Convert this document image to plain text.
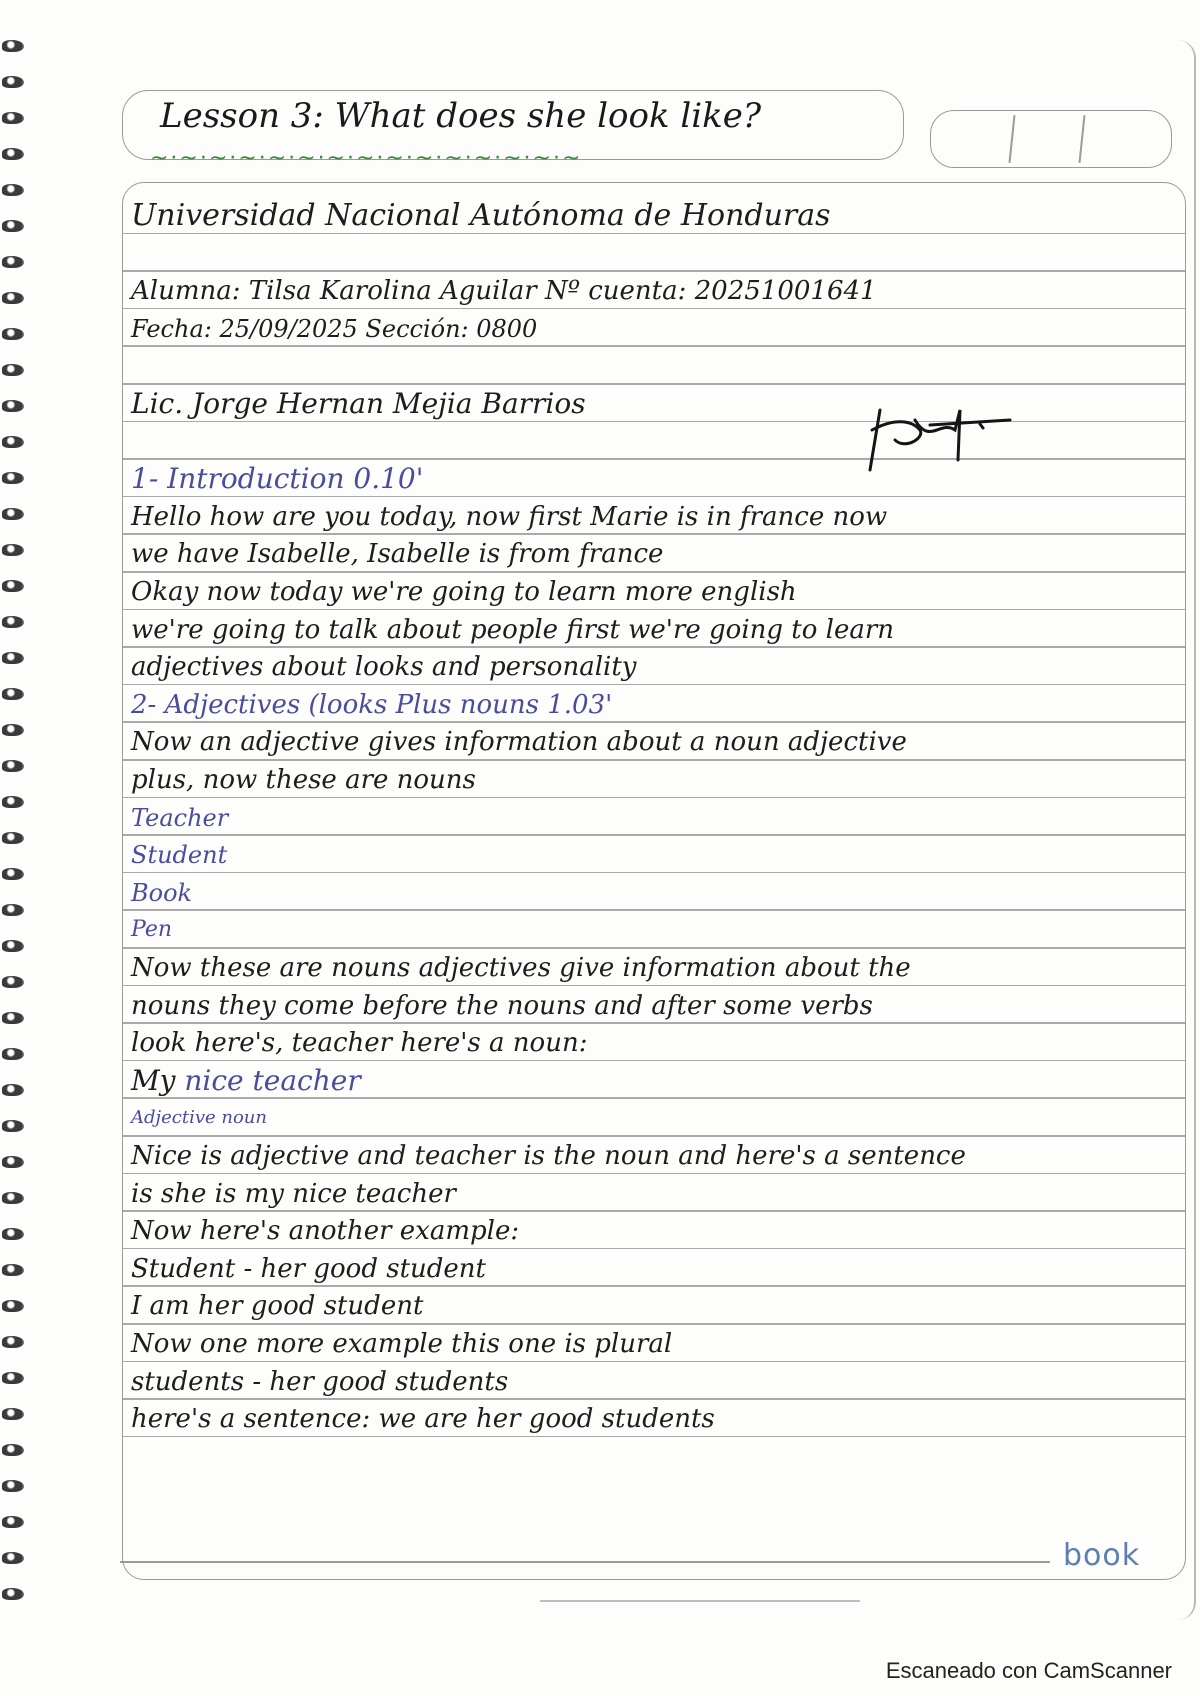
Lesson 3: What does she look like?
~·~·~·~·~·~·~·~·~·~·~·~·~·~·~
Universidad Nacional Autónoma de Honduras
Alumna: Tilsa Karolina Aguilar Nº cuenta: 20251001641
Fecha: 25/09/2025 Sección: 0800
Lic. Jorge Hernan Mejia Barrios
1- Introduction 0.10'
Hello how are you today, now first Marie is in france now
we have Isabelle, Isabelle is from france
Okay now today we're going to learn more english
we're going to talk about people first we're going to learn
adjectives about looks and personality
2- Adjectives (looks Plus nouns 1.03'
Now an adjective gives information about a noun adjective
plus, now these are nouns
Teacher
Student
Book
Pen
Now these are nouns adjectives give information about the
nouns they come before the nouns and after some verbs
look here's, teacher here's a noun:
My nice teacher
Adjective noun
Nice is adjective and teacher is the noun and here's a sentence
is she is my nice teacher
Now here's another example:
Student - her good student
I am her good student
Now one more example this one is plural
students - her good students
here's a sentence: we are her good students
book
Escaneado con CamScanner
